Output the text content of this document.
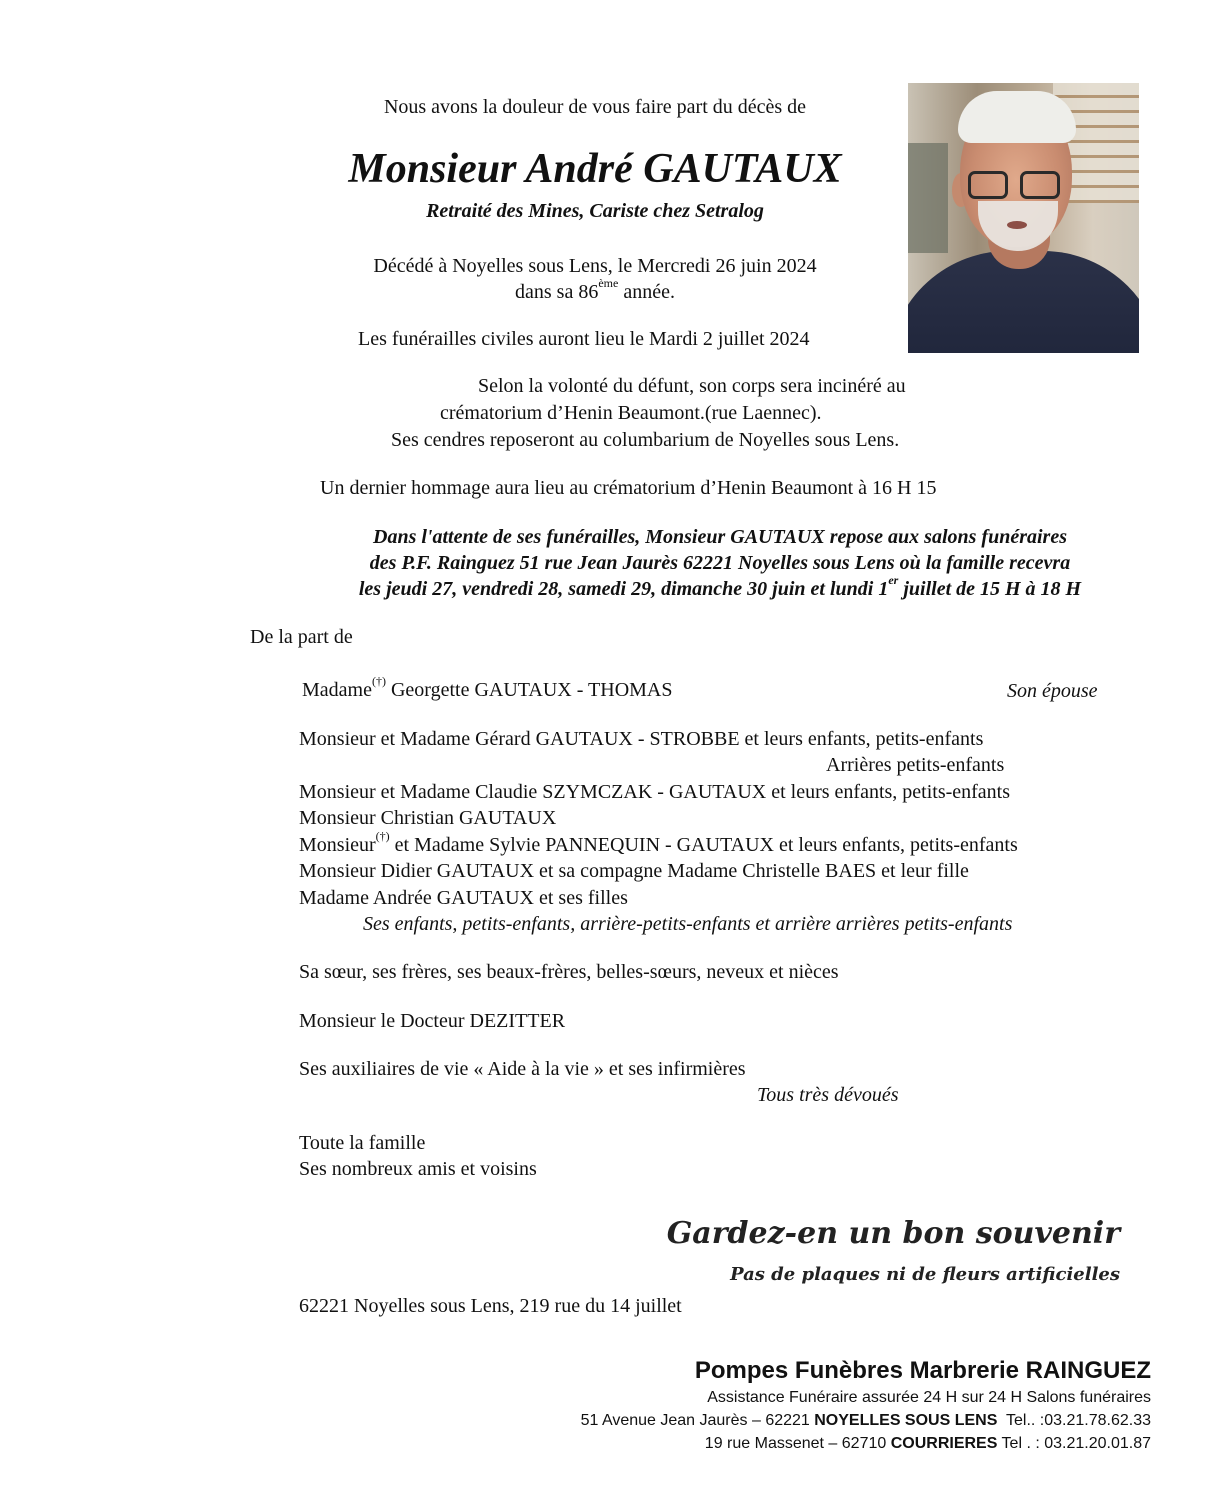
Nous avons la douleur de vous faire part du décès de
Monsieur André GAUTAUX
Retraité des Mines, Cariste chez Setralog
Décédé à Noyelles sous Lens, le Mercredi 26 juin 2024
dans sa 86ème année.
Les funérailles civiles auront lieu le Mardi 2 juillet 2024
Selon la volonté du défunt, son corps sera incinéré au
crématorium d’Henin Beaumont.(rue Laennec).
Ses cendres reposeront au columbarium de Noyelles sous Lens.
Un dernier hommage aura lieu au crématorium d’Henin Beaumont à 16 H 15
Dans l'attente de ses funérailles, Monsieur GAUTAUX repose aux salons funéraires
des P.F. Rainguez 51 rue Jean Jaurès 62221 Noyelles sous Lens où la famille recevra
les jeudi 27, vendredi 28, samedi 29, dimanche 30 juin et lundi 1er juillet de 15 H à 18 H
De la part de
Madame(†) Georgette GAUTAUX - THOMAS	Son épouse
Monsieur et Madame Gérard GAUTAUX - STROBBE et leurs enfants, petits-enfants
Arrières petits-enfants
Monsieur et Madame Claudie SZYMCZAK - GAUTAUX et leurs enfants, petits-enfants
Monsieur Christian GAUTAUX
Monsieur(†) et Madame Sylvie PANNEQUIN - GAUTAUX et leurs enfants, petits-enfants
Monsieur Didier GAUTAUX et sa compagne Madame Christelle BAES et leur fille
Madame Andrée GAUTAUX et ses filles
Ses enfants, petits-enfants, arrière-petits-enfants et arrière arrières petits-enfants
Sa sœur, ses frères, ses beaux-frères, belles-sœurs, neveux et nièces
Monsieur le Docteur DEZITTER
Ses auxiliaires de vie « Aide à la vie » et ses infirmières
Tous très dévoués
Toute la famille
Ses nombreux amis et voisins
Gardez-en un bon souvenir
Pas de plaques ni de fleurs artificielles
62221 Noyelles sous Lens, 219 rue du 14 juillet
Pompes Funèbres Marbrerie RAINGUEZ
Assistance Funéraire assurée 24 H sur 24 H Salons funéraires
51 Avenue Jean Jaurès – 62221 NOYELLES SOUS LENS  Tel.. :03.21.78.62.33
19 rue Massenet – 62710 COURRIERES Tel . : 03.21.20.01.87
